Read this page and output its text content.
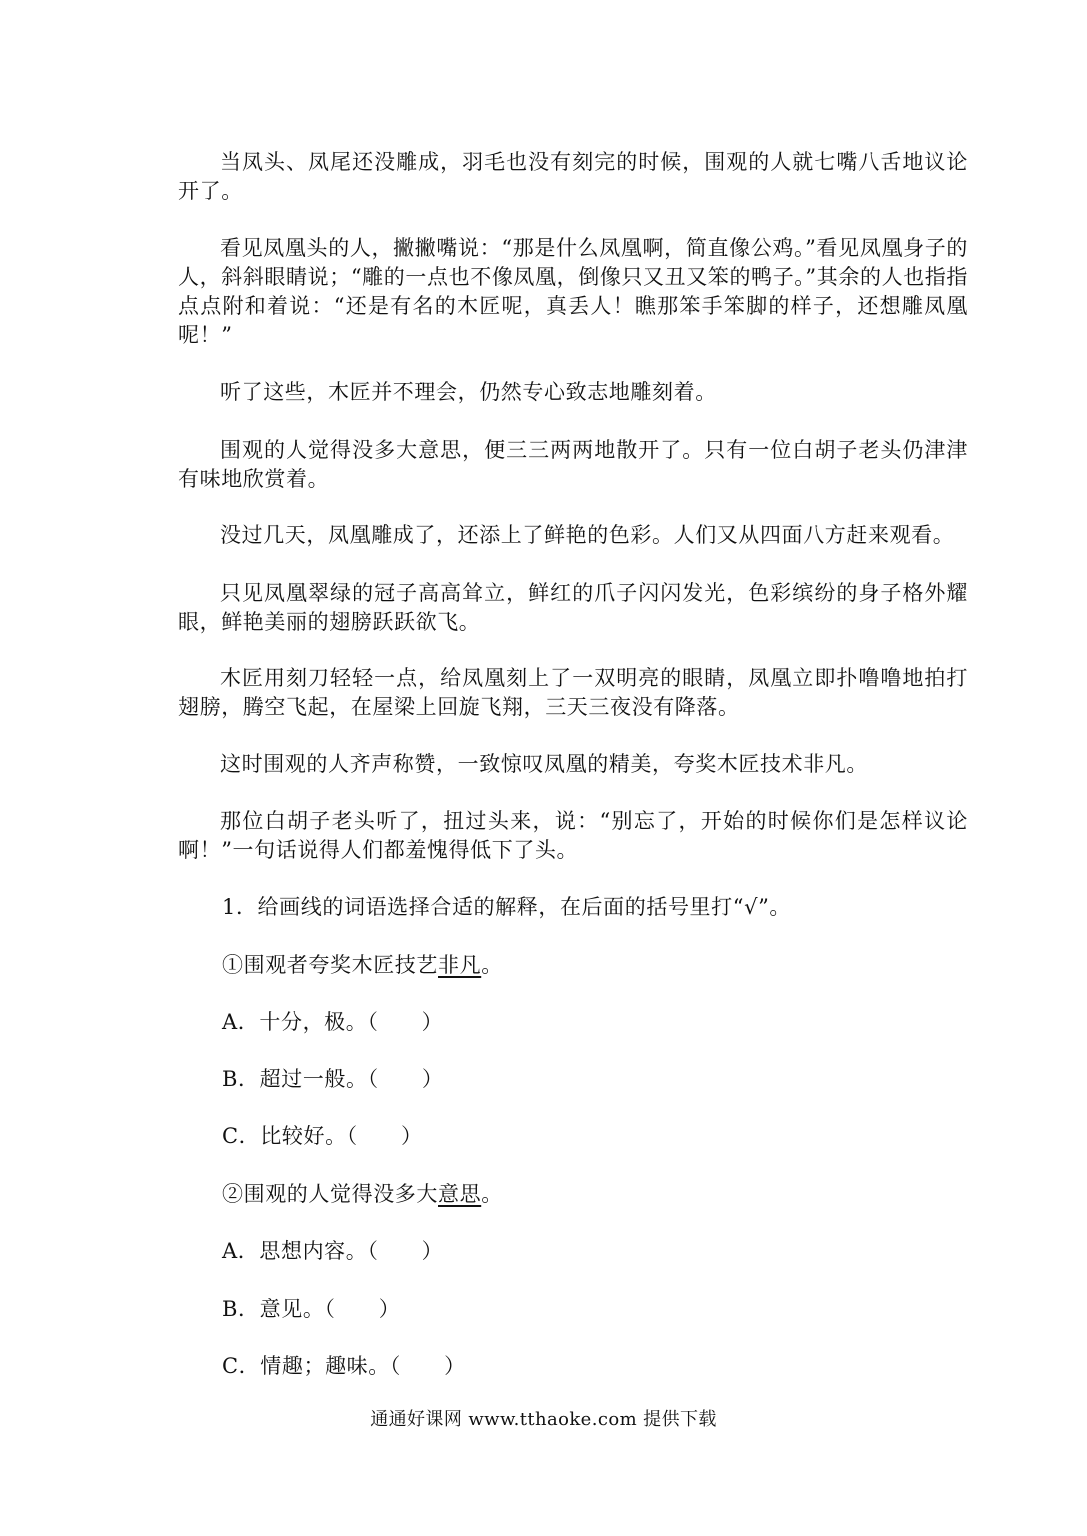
当凤头、凤尾还没雕成，羽毛也没有刻完的时候，围观的人就七嘴八舌地议论开了。

看见凤凰头的人，撇撇嘴说：“那是什么凤凰啊，简直像公鸡。”看见凤凰身子的人，斜斜眼睛说；“雕的一点也不像凤凰，倒像只又丑又笨的鸭子。”其余的人也指指点点附和着说：“还是有名的木匠呢，真丢人！瞧那笨手笨脚的样子，还想雕凤凰呢！”

听了这些，木匠并不理会，仍然专心致志地雕刻着。

围观的人觉得没多大意思，便三三两两地散开了。只有一位白胡子老头仍津津有味地欣赏着。

没过几天，凤凰雕成了，还添上了鲜艳的色彩。人们又从四面八方赶来观看。

只见凤凰翠绿的冠子高高耸立，鲜红的爪子闪闪发光，色彩缤纷的身子格外耀眼，鲜艳美丽的翅膀跃跃欲飞。

木匠用刻刀轻轻一点，给凤凰刻上了一双明亮的眼睛，凤凰立即扑噜噜地拍打翅膀，腾空飞起，在屋梁上回旋飞翔，三天三夜没有降落。

这时围观的人齐声称赞，一致惊叹凤凰的精美，夸奖木匠技术非凡。

那位白胡子老头听了，扭过头来，说：“别忘了，开始的时候你们是怎样议论啊！”一句话说得人们都羞愧得低下了头。

1．给画线的词语选择合适的解释，在后面的括号里打“√”。

①围观者夸奖木匠技艺非凡。

A．十分，极。（　　）

B．超过一般。（　　）

C．比较好。（　　）

②围观的人觉得没多大意思。

A．思想内容。（　　）

B．意见。（　　）

C．情趣；趣味。（　　）

通通好课网 www.tthaoke.com 提供下载
